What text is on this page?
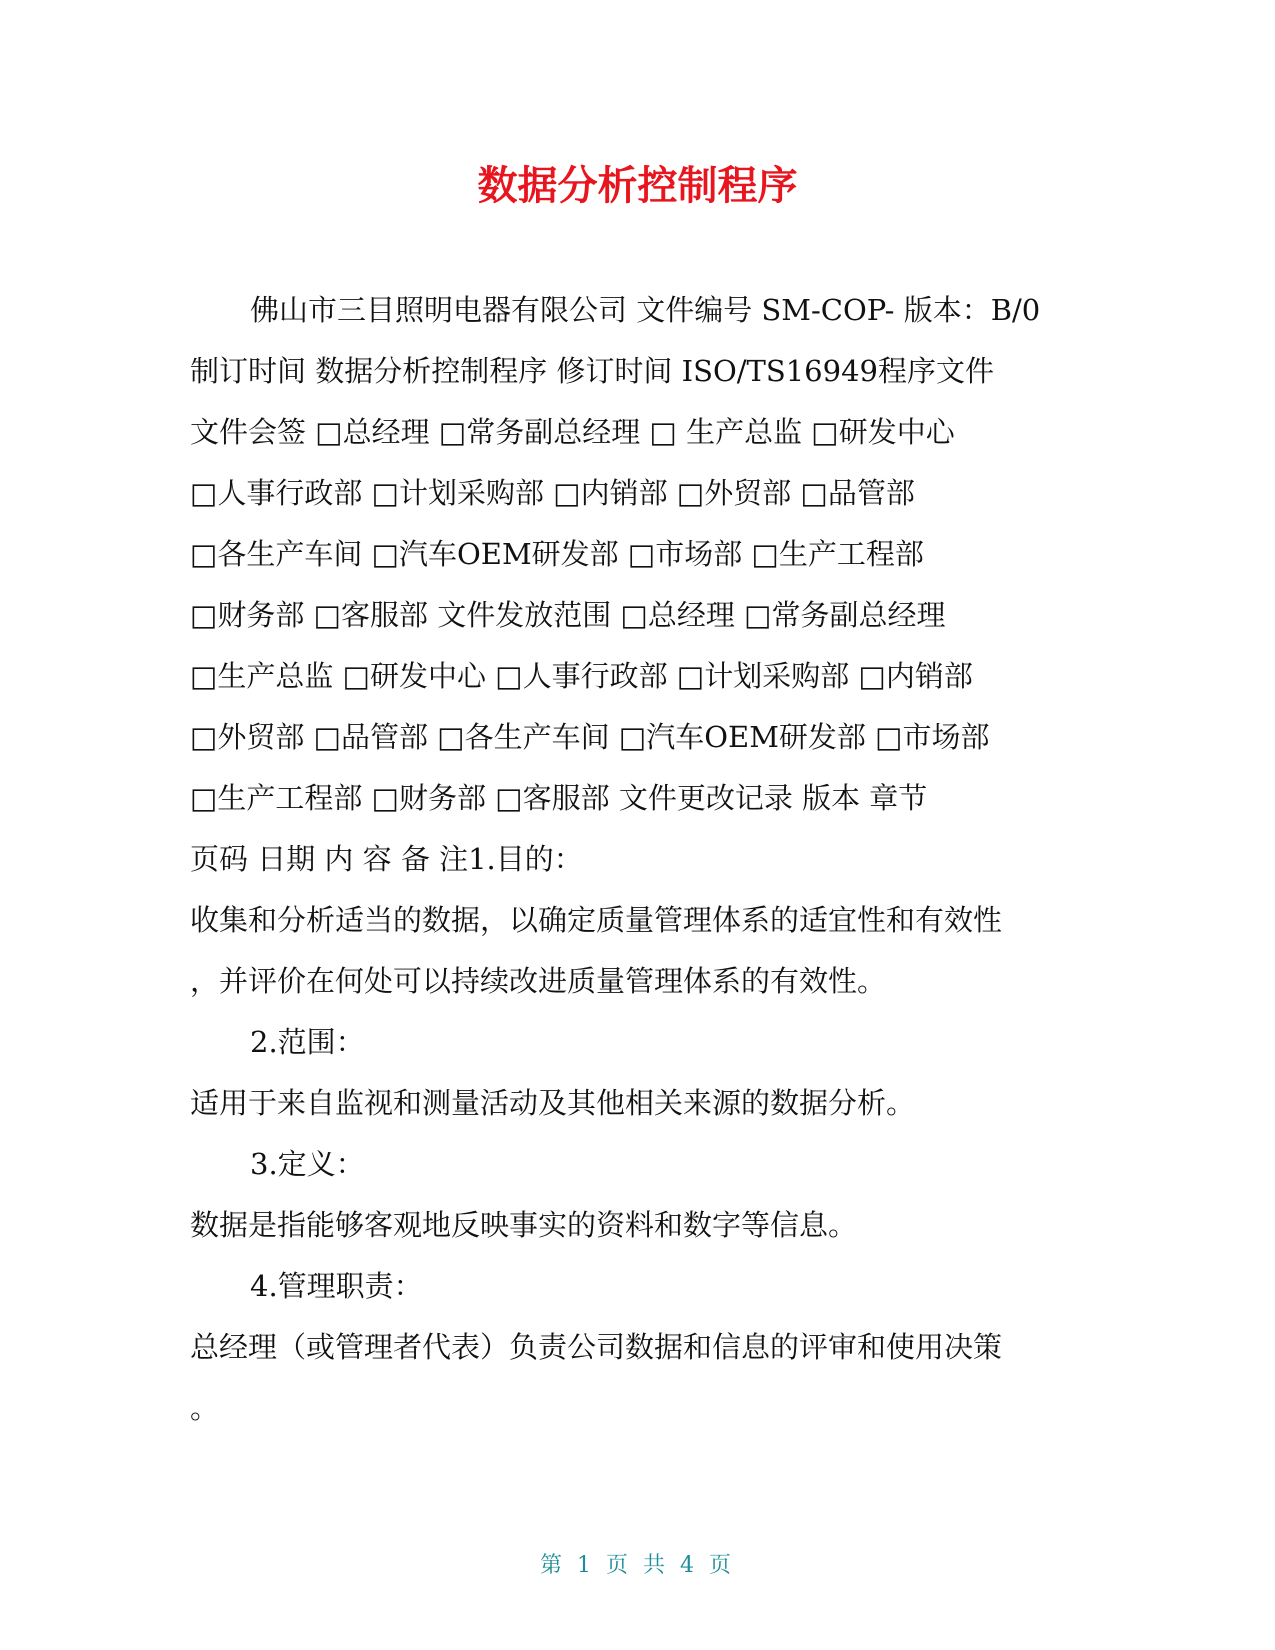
数据分析控制程序
佛山市三目照明电器有限公司 文件编号 SM-COP- 版本：B/0
制订时间 数据分析控制程序 修订时间 ISO/TS16949程序文件
文件会签 □总经理 □常务副总经理 □ 生产总监 □研发中心
□人事行政部 □计划采购部 □内销部 □外贸部 □品管部
□各生产车间 □汽车OEM研发部 □市场部 □生产工程部
□财务部 □客服部 文件发放范围 □总经理 □常务副总经理
□生产总监 □研发中心 □人事行政部 □计划采购部 □内销部
□外贸部 □品管部 □各生产车间 □汽车OEM研发部 □市场部
□生产工程部 □财务部 □客服部 文件更改记录 版本 章节
页码 日期 内 容 备 注1.目的：
收集和分析适当的数据，以确定质量管理体系的适宜性和有效性
，并评价在何处可以持续改进质量管理体系的有效性。
2.范围：
适用于来自监视和测量活动及其他相关来源的数据分析。
3.定义：
数据是指能够客观地反映事实的资料和数字等信息。
4.管理职责：
总经理（或管理者代表）负责公司数据和信息的评审和使用决策
。
第 1 页 共 4 页
